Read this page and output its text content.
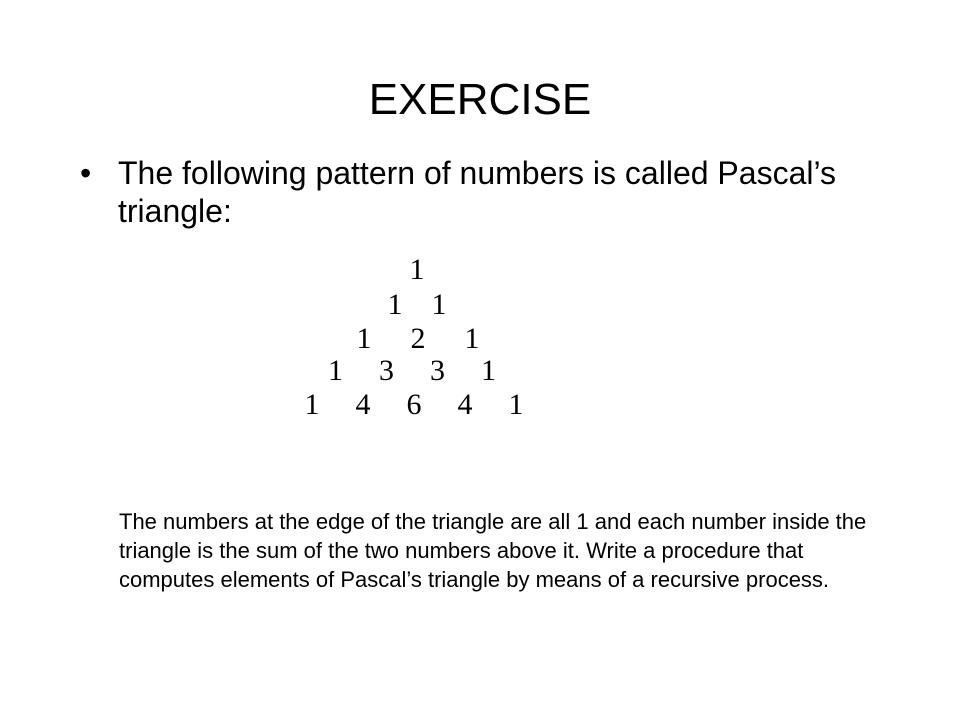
EXERCISE
• The following pattern of numbers is called Pascal’s triangle:
1
1 1
1 2 1
1 3 3 1
1 4 6 4 1

The numbers at the edge of the triangle are all 1 and each number inside the triangle is the sum of the two numbers above it. Write a procedure that computes elements of Pascal’s triangle by means of a recursive process.
